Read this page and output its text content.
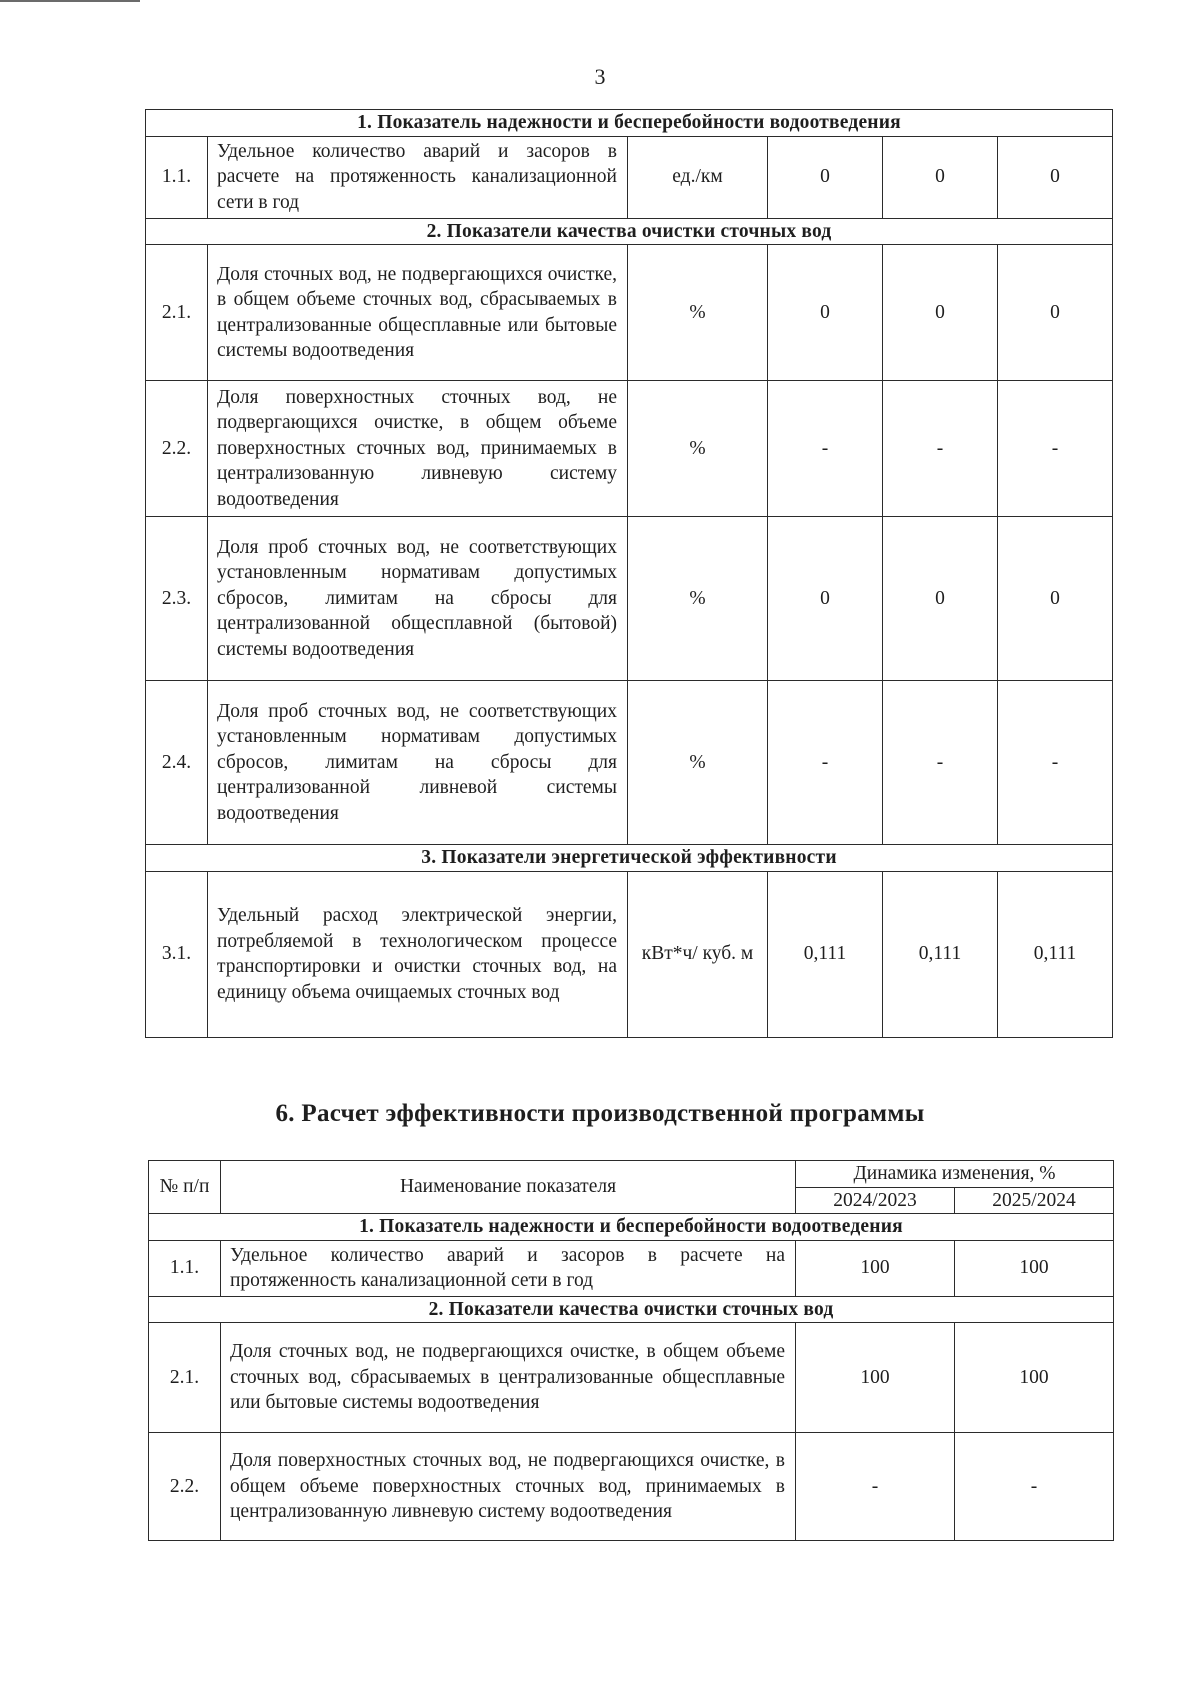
3
1. Показатель надежности и бесперебойности водоотведения					
1.1.	Удельное количество аварий и засоров в расчете на протяженность канализационной сети в год	ед./км	0	0	0
2. Показатели качества очистки сточных вод					
2.1.	Доля сточных вод, не подвергающихся очистке, в общем объеме сточных вод, сбрасываемых в централизованные общесплавные или бытовые системы водоотведения	%	0	0	0
2.2.	Доля поверхностных сточных вод, не подвергающихся очистке, в общем объеме поверхностных сточных вод, принимаемых в централизованную ливневую систему водоотведения	%	-	-	-
2.3.	Доля проб сточных вод, не соответствующих установленным нормативам допустимых сбросов, лимитам на сбросы для централизованной общесплавной (бытовой) системы водоотведения	%	0	0	0
2.4.	Доля проб сточных вод, не соответствующих установленным нормативам допустимых сбросов, лимитам на сбросы для централизованной ливневой системы водоотведения	%	-	-	-
3. Показатели энергетической эффективности					
3.1.	Удельный расход электрической энергии, потребляемой в технологическом процессе транспортировки и очистки сточных вод, на единицу объема очищаемых сточных вод	кВт*ч/ куб. м	0,111	0,111	0,111
6. Расчет эффективности производственной программы
№ п/п	Наименование показателя	Динамика изменения, %	
		2024/2023	2025/2024
1. Показатель надежности и бесперебойности водоотведения			
1.1.	Удельное количество аварий и засоров в расчете на протяженность канализационной сети в год	100	100
2. Показатели качества очистки сточных вод			
2.1.	Доля сточных вод, не подвергающихся очистке, в общем объеме сточных вод, сбрасываемых в централизованные общесплавные или бытовые системы водоотведения	100	100
2.2.	Доля поверхностных сточных вод, не подвергающихся очистке, в общем объеме поверхностных сточных вод, принимаемых в централизованную ливневую систему водоотведения	-	-
